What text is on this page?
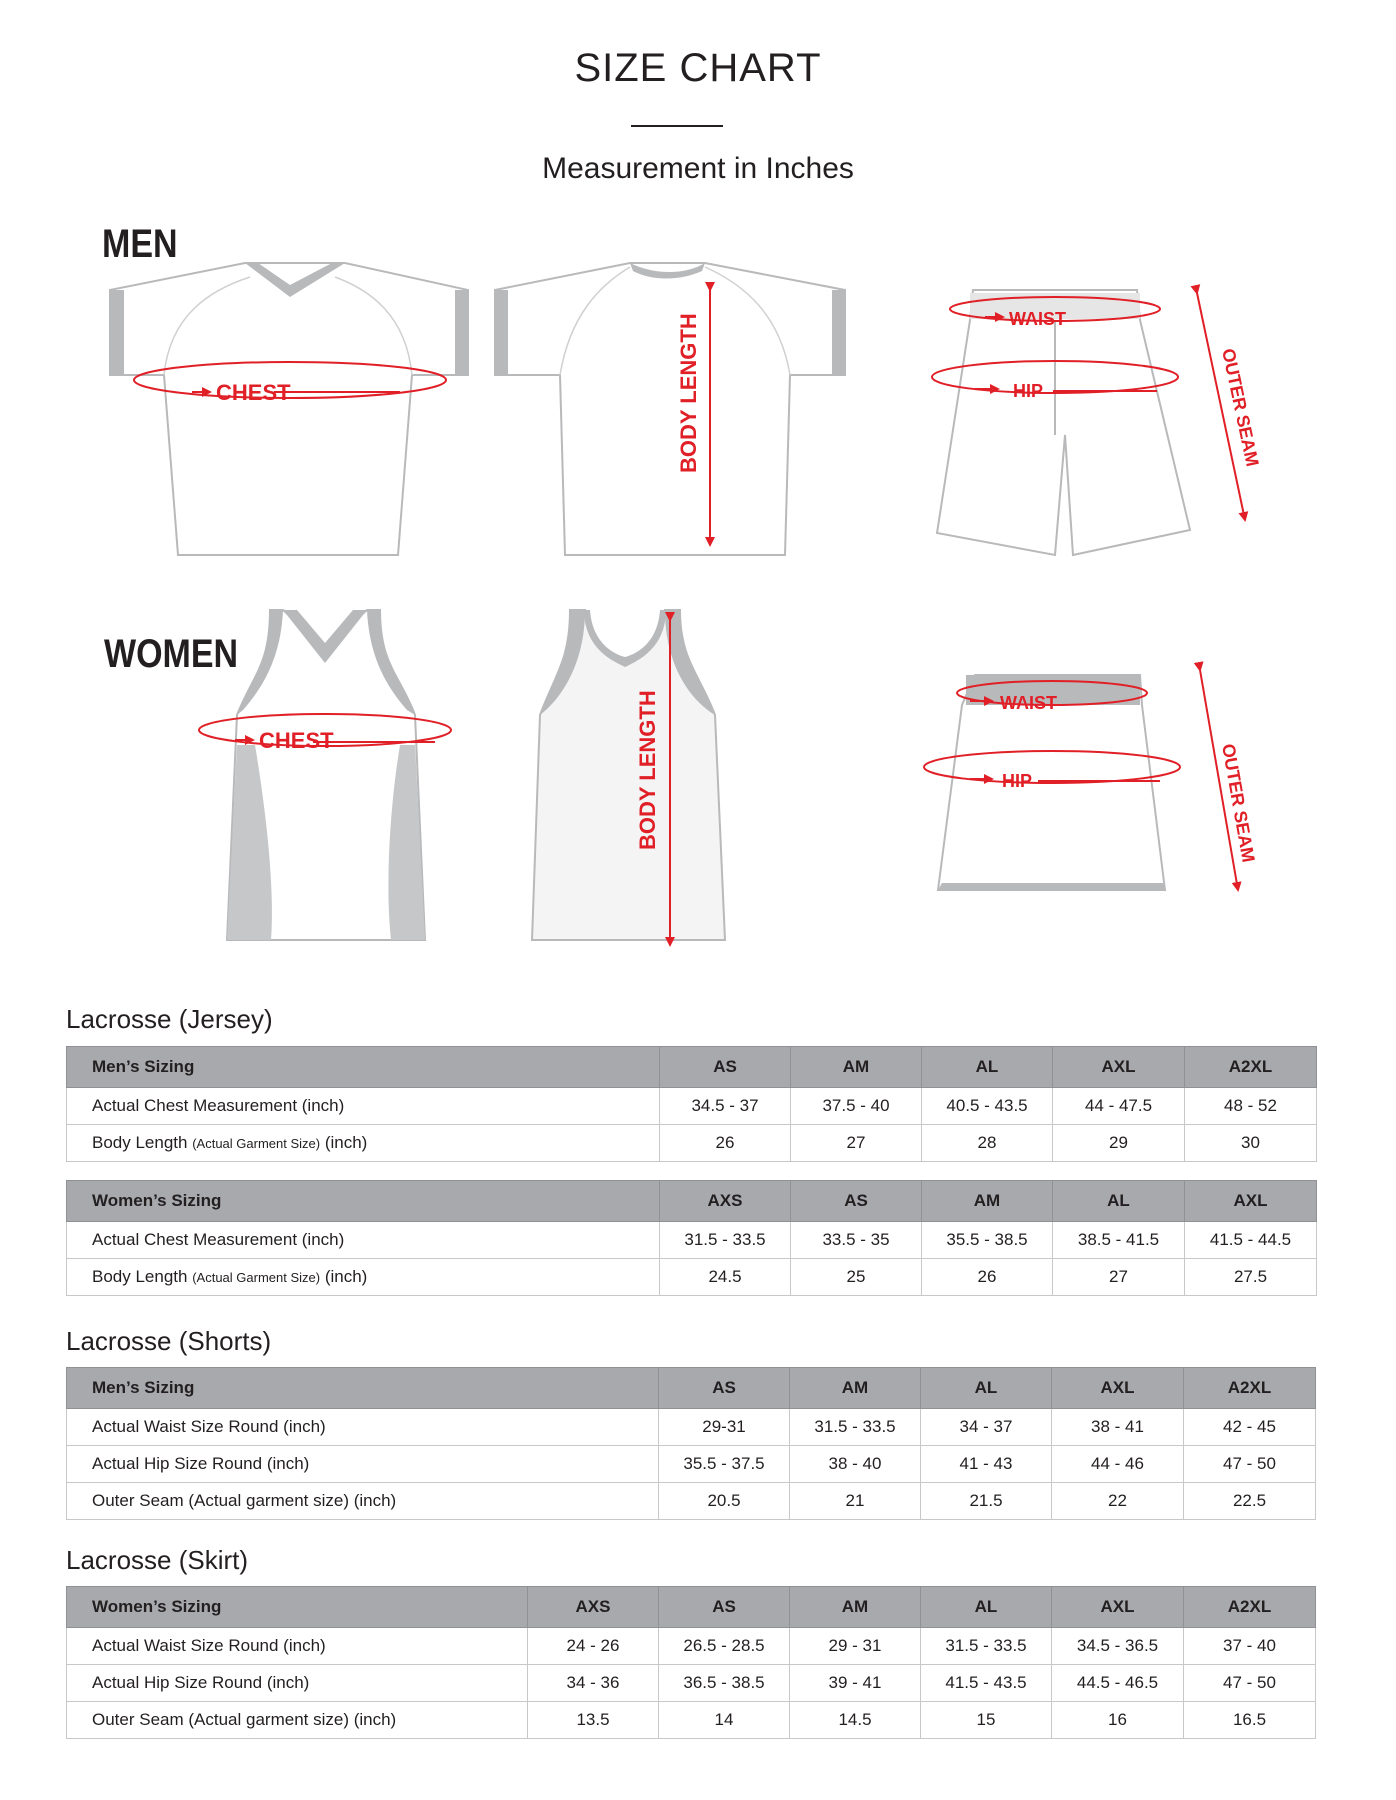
SIZE CHART
Measurement in Inches
MEN
WOMEN
CHEST	BODY LENGTH	WAIST
HIP	OUTER SEAM
CHEST	BODY LENGTH	WAIST
HIP	OUTER SEAM
Lacrosse (Jersey)
Men’s Sizing	AS	AM	AL	AXL	A2XL
Actual Chest Measurement (inch)	34.5 - 37	37.5 - 40	40.5 - 43.5	44 - 47.5	48 - 52
Body Length (Actual Garment Size) (inch)	26	27	28	29	30
Women’s Sizing	AXS	AS	AM	AL	AXL
Actual Chest Measurement (inch)	31.5 - 33.5	33.5 - 35	35.5 - 38.5	38.5 - 41.5	41.5 - 44.5
Body Length (Actual Garment Size) (inch)	24.5	25	26	27	27.5
Lacrosse (Shorts)
Men’s Sizing	AS	AM	AL	AXL	A2XL
Actual Waist Size Round (inch)	29-31	31.5 - 33.5	34 - 37	38 - 41	42 - 45
Actual Hip Size Round (inch)	35.5 - 37.5	38 - 40	41 - 43	44 - 46	47 - 50
Outer Seam (Actual garment size) (inch)	20.5	21	21.5	22	22.5
Lacrosse (Skirt)
Women’s Sizing	AXS	AS	AM	AL	AXL	A2XL
Actual Waist Size Round (inch)	24 - 26	26.5 - 28.5	29 - 31	31.5 - 33.5	34.5 - 36.5	37 - 40
Actual Hip Size Round (inch)	34 - 36	36.5 - 38.5	39 - 41	41.5 - 43.5	44.5 - 46.5	47 - 50
Outer Seam (Actual garment size) (inch)	13.5	14	14.5	15	16	16.5
